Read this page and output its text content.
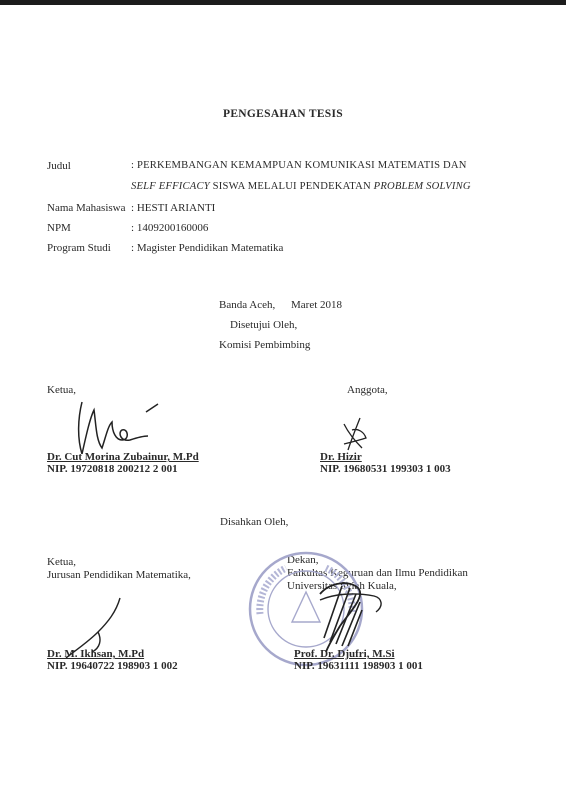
PENGESAHAN TESIS
Judul	: PERKEMBANGAN KEMAMPUAN KOMUNIKASI MATEMATIS DAN
SELF EFFICACY SISWA MELALUI PENDEKATAN PROBLEM SOLVING
Nama Mahasiswa : HESTI ARIANTI
NPM	: 1409200160006
Program Studi : Magister Pendidikan Matematika
Banda Aceh, Maret 2018
Disetujui Oleh,
Komisi Pembimbing
Ketua,	Anggota,
Dr. Cut Morina Zubainur, M.Pd
NIP. 19720818 200212 2 001
Dr. Hizir
NIP. 19680531 199303 1 003
Disahkan Oleh,
Ketua,
Jurusan Pendidikan Matematika,
Dekan,
Falkultas Keguruan dan Ilmu Pendidikan
Universitas Syiah Kuala,
Dr. M. Ikhsan, M.Pd
NIP. 19640722 198903 1 002
Prof. Dr. Djufri, M.Si
NIP. 19631111 198903 1 001
